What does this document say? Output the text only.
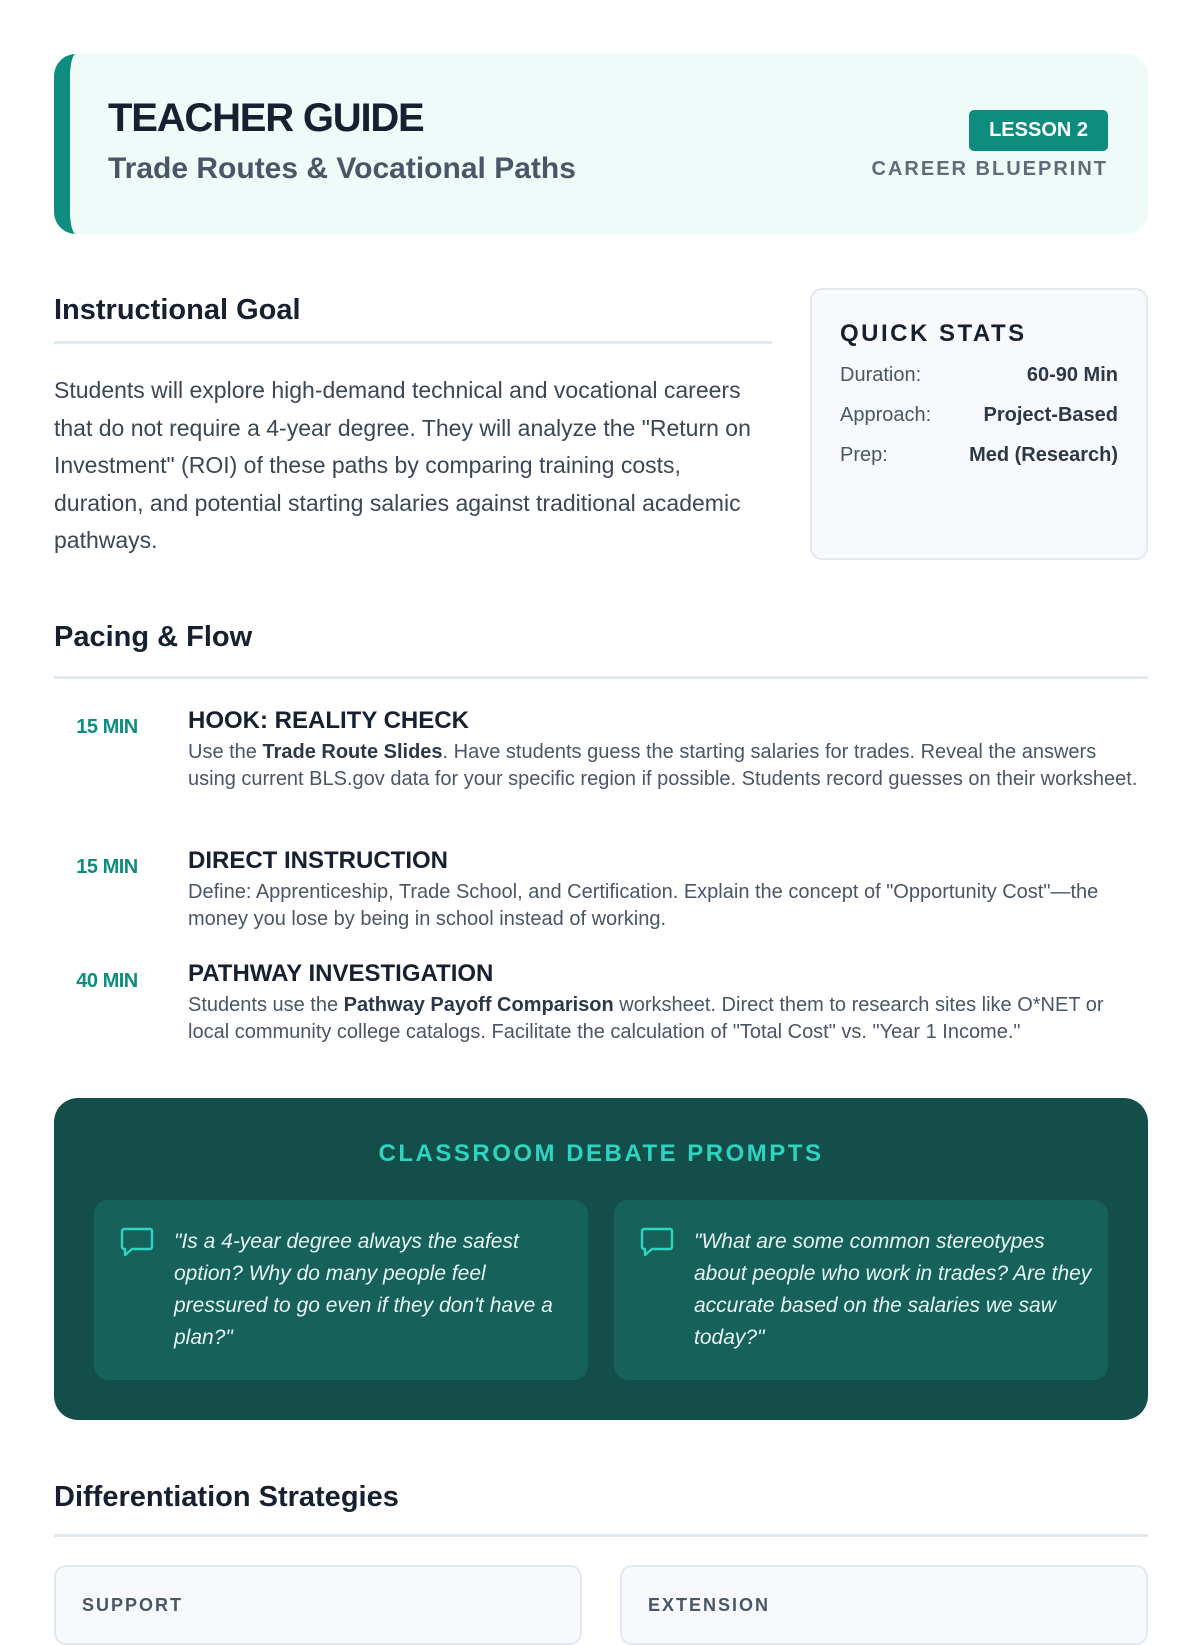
TEACHER GUIDE
Trade Routes & Vocational Paths
LESSON 2
CAREER BLUEPRINT
Instructional Goal
Students will explore high-demand technical and vocational careers that do not require a 4-year degree. They will analyze the "Return on Investment" (ROI) of these paths by comparing training costs, duration, and potential starting salaries against traditional academic pathways.
QUICK STATS
Duration:	60-90 Min
Approach:	Project-Based
Prep:	Med (Research)
Pacing & Flow
15 MIN	HOOK: REALITY CHECK
Use the Trade Route Slides. Have students guess the starting salaries for trades. Reveal the answers using current BLS.gov data for your specific region if possible. Students record guesses on their worksheet.
15 MIN	DIRECT INSTRUCTION
Define: Apprenticeship, Trade School, and Certification. Explain the concept of "Opportunity Cost"—the money you lose by being in school instead of working.
40 MIN	PATHWAY INVESTIGATION
Students use the Pathway Payoff Comparison worksheet. Direct them to research sites like O*NET or local community college catalogs. Facilitate the calculation of "Total Cost" vs. "Year 1 Income."
CLASSROOM DEBATE PROMPTS
"Is a 4-year degree always the safest option? Why do many people feel pressured to go even if they don't have a plan?"
"What are some common stereotypes about people who work in trades? Are they accurate based on the salaries we saw today?"
Differentiation Strategies
SUPPORT	EXTENSION
